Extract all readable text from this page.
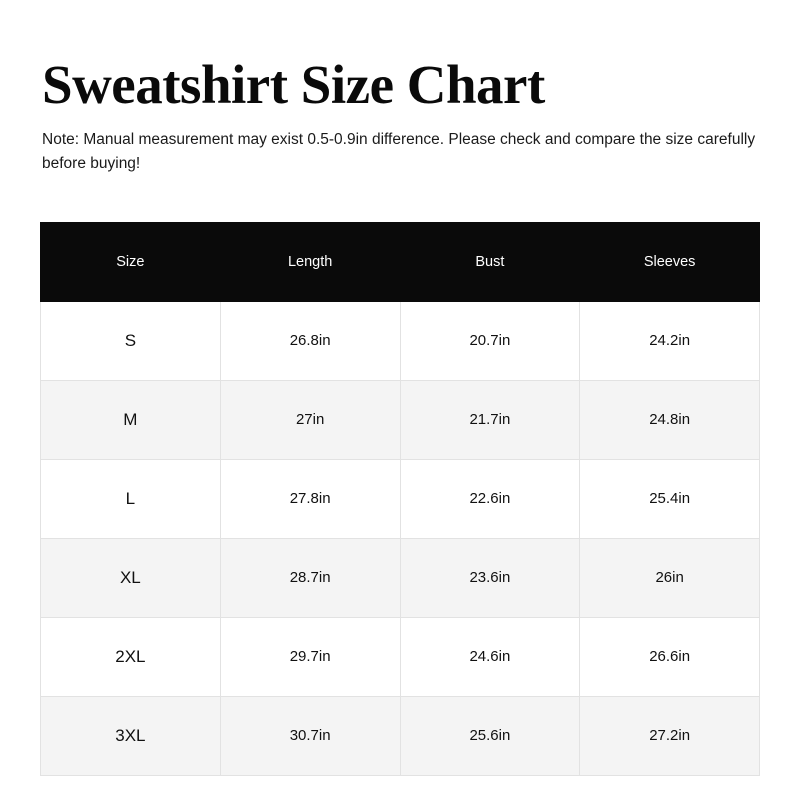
Sweatshirt Size Chart

Note: Manual measurement may exist 0.5-0.9in difference. Please check and compare the size carefully before buying!

Size	Length	Bust	Sleeves
S	26.8in	20.7in	24.2in
M	27in	21.7in	24.8in
L	27.8in	22.6in	25.4in
XL	28.7in	23.6in	26in
2XL	29.7in	24.6in	26.6in
3XL	30.7in	25.6in	27.2in
